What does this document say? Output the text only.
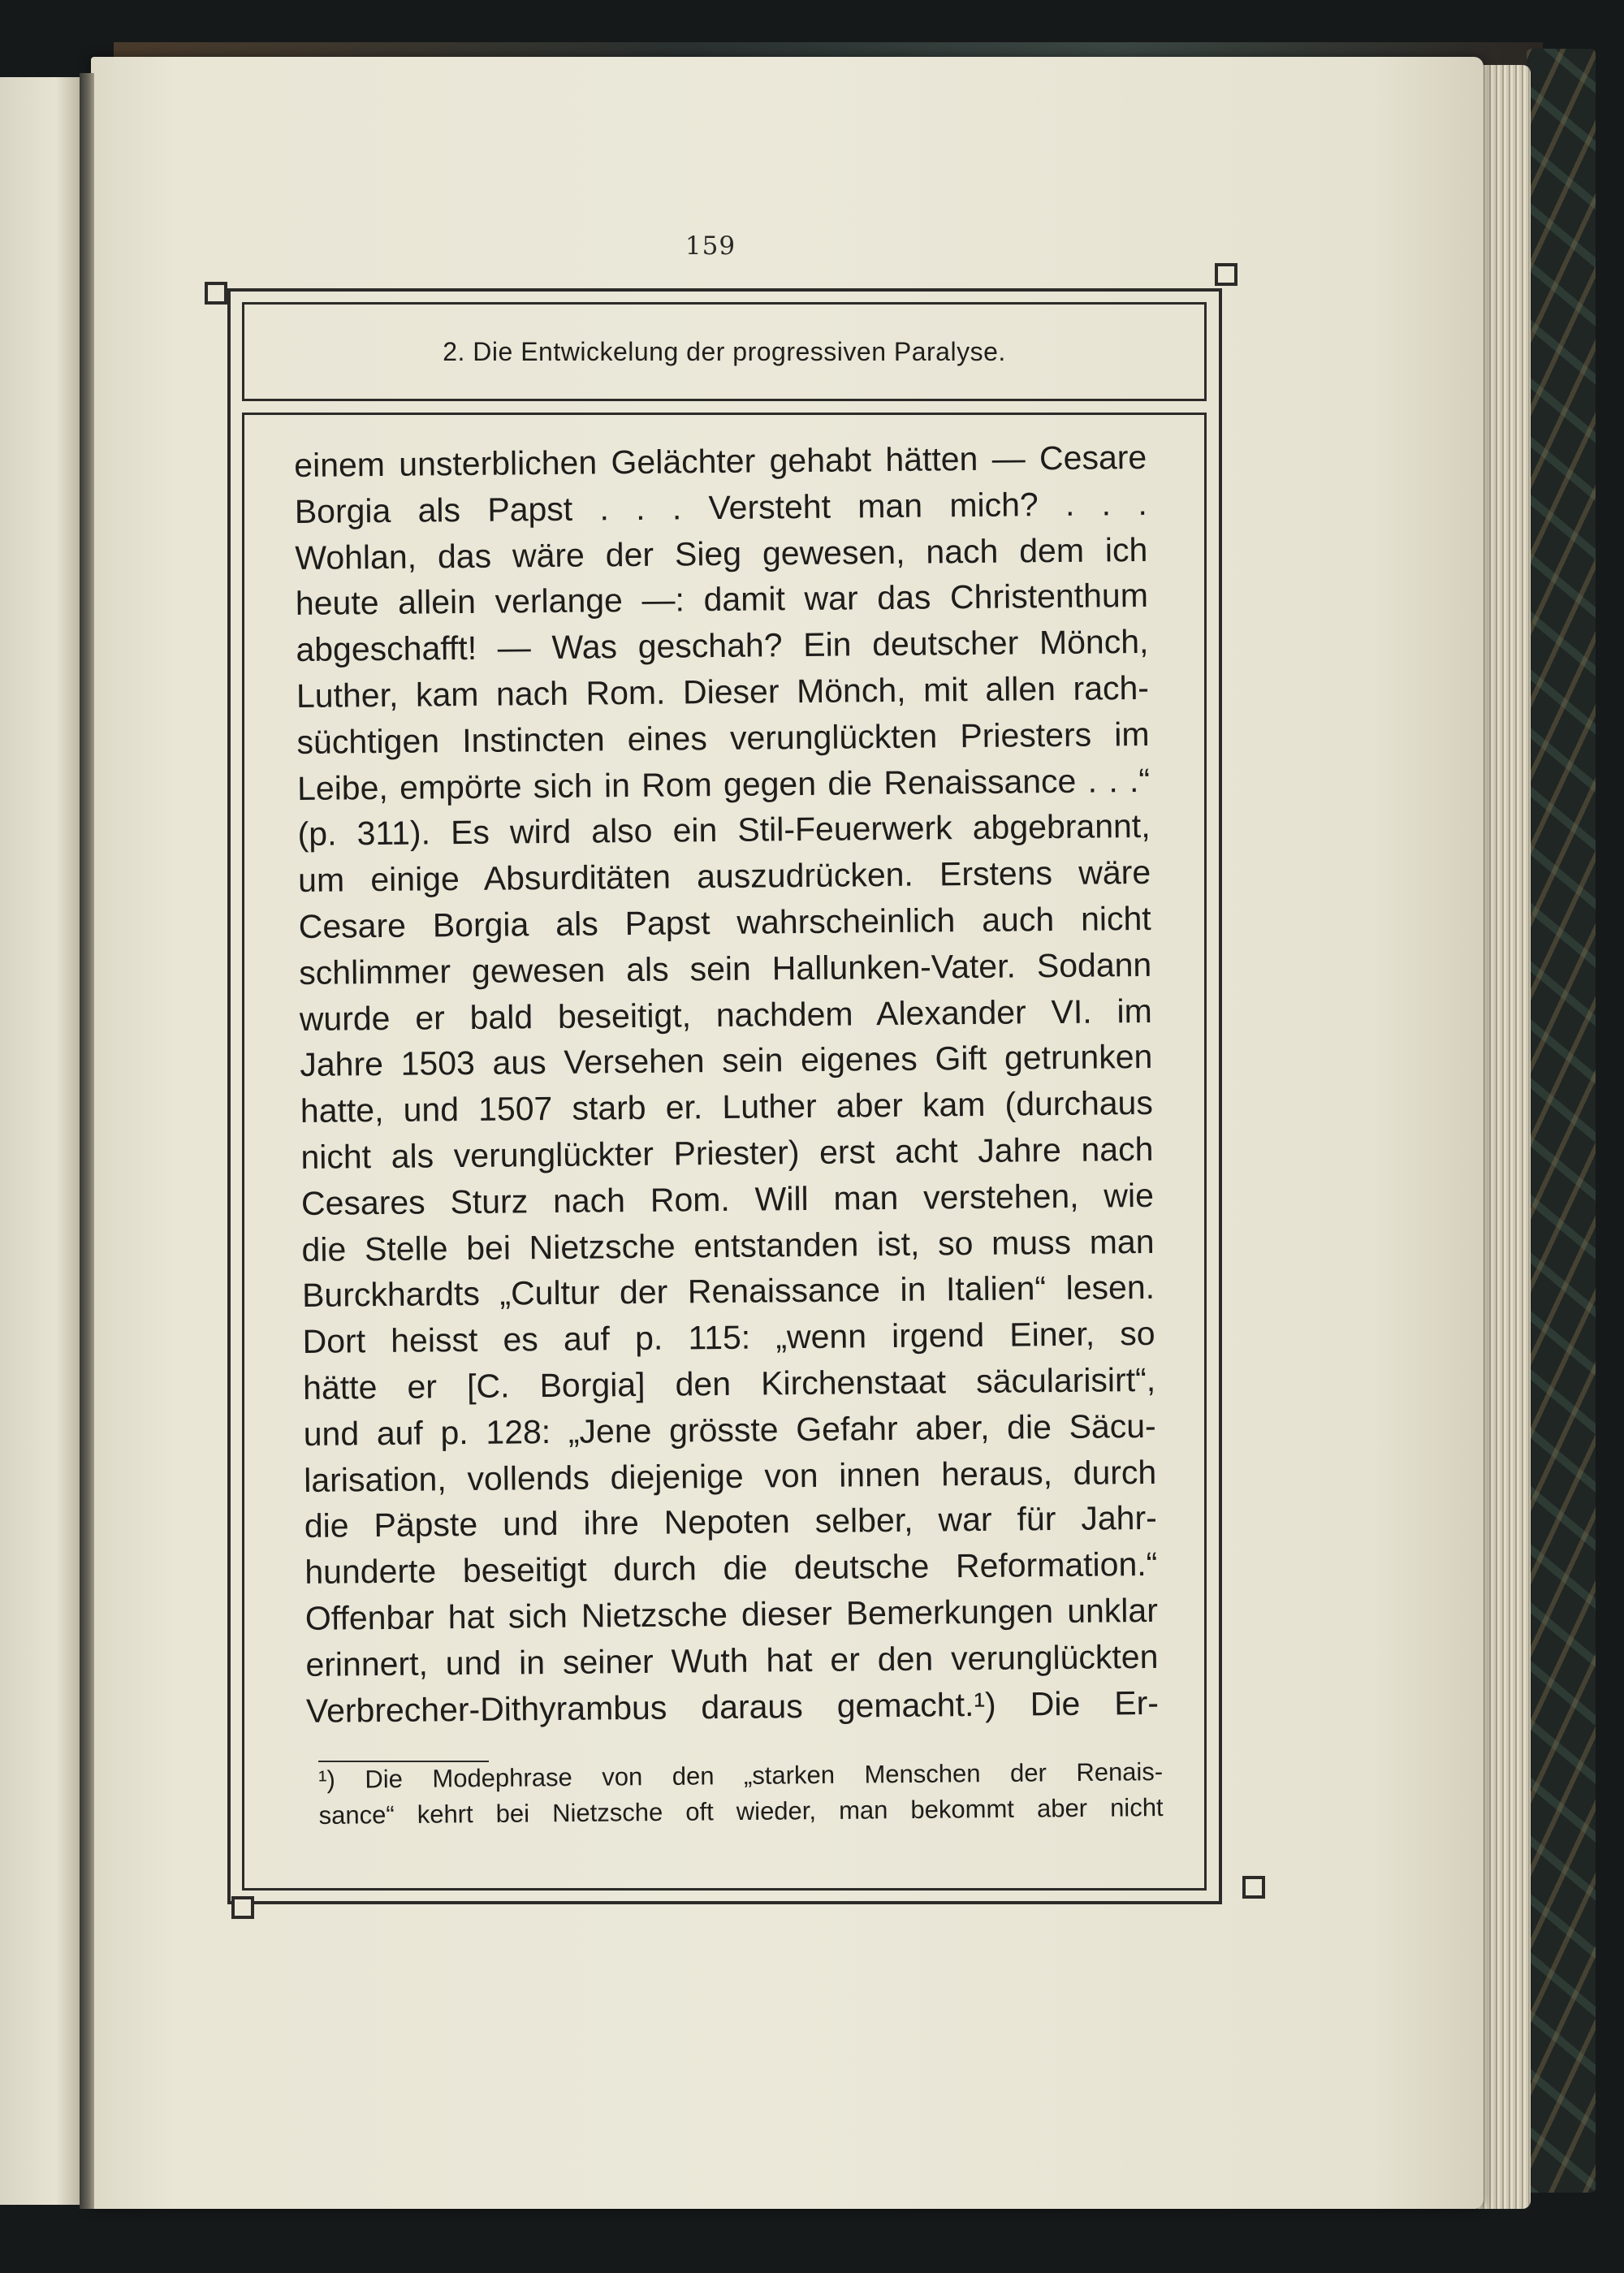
159
2. Die Entwickelung der progressiven Paralyse.
einem unsterblichen Gelächter gehabt hätten — Cesare
Borgia als Papst . . . Versteht man mich? . . .
Wohlan, das wäre der Sieg gewesen, nach dem ich
heute allein verlange —: damit war das Christenthum
abgeschafft! — Was geschah? Ein deutscher Mönch,
Luther, kam nach Rom. Dieser Mönch, mit allen rach-
süchtigen Instincten eines verunglückten Priesters im
Leibe, empörte sich in Rom gegen die Renaissance . . .“
(p. 311). Es wird also ein Stil-Feuerwerk abgebrannt,
um einige Absurditäten auszudrücken. Erstens wäre
Cesare Borgia als Papst wahrscheinlich auch nicht
schlimmer gewesen als sein Hallunken-Vater. Sodann
wurde er bald beseitigt, nachdem Alexander VI. im
Jahre 1503 aus Versehen sein eigenes Gift getrunken
hatte, und 1507 starb er. Luther aber kam (durchaus
nicht als verunglückter Priester) erst acht Jahre nach
Cesares Sturz nach Rom. Will man verstehen, wie
die Stelle bei Nietzsche entstanden ist, so muss man
Burckhardts „Cultur der Renaissance in Italien“ lesen.
Dort heisst es auf p. 115: „wenn irgend Einer, so
hätte er [C. Borgia] den Kirchenstaat säcularisirt“,
und auf p. 128: „Jene grösste Gefahr aber, die Säcu-
larisation, vollends diejenige von innen heraus, durch
die Päpste und ihre Nepoten selber, war für Jahr-
hunderte beseitigt durch die deutsche Reformation.“
Offenbar hat sich Nietzsche dieser Bemerkungen unklar
erinnert, und in seiner Wuth hat er den verunglückten
Verbrecher-Dithyrambus daraus gemacht.¹) Die Er-
¹) Die Modephrase von den „starken Menschen der Renais-
sance“ kehrt bei Nietzsche oft wieder, man bekommt aber nicht
